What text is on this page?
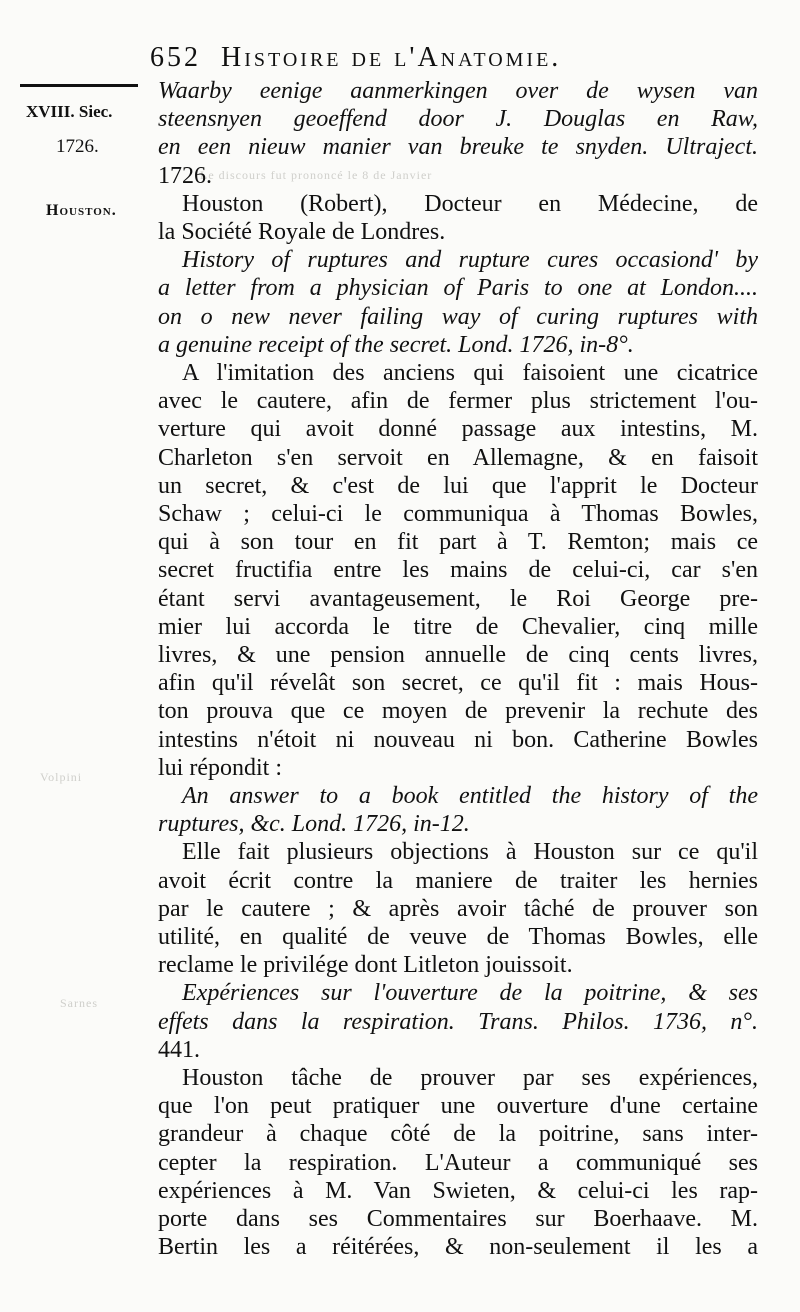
Le discours fut prononcé le 8 de Janvier
Volpini
Sarnes
652 Histoire de l'Anatomie.
XVIII. Siec.
1726.
Houston.
Waarby eenige aanmerkingen over de wysen van
steensnyen geoeffend door J. Douglas en Raw,
en een nieuw manier van breuke te snyden. Ultraject.
1726.
Houston (Robert), Docteur en Médecine, de
la Société Royale de Londres.
History of ruptures and rupture cures occasiond' by
a letter from a physician of Paris to one at London....
on o new never failing way of curing ruptures with
a genuine receipt of the secret. Lond. 1726, in-8°.
A l'imitation des anciens qui faisoient une cicatrice
avec le cautere, afin de fermer plus strictement l'ou-
verture qui avoit donné passage aux intestins, M.
Charleton s'en servoit en Allemagne, & en faisoit
un secret, & c'est de lui que l'apprit le Docteur
Schaw ; celui-ci le communiqua à Thomas Bowles,
qui à son tour en fit part à T. Remton; mais ce
secret fructifia entre les mains de celui-ci, car s'en
étant servi avantageusement, le Roi George pre-
mier lui accorda le titre de Chevalier, cinq mille
livres, & une pension annuelle de cinq cents livres,
afin qu'il révelât son secret, ce qu'il fit : mais Hous-
ton prouva que ce moyen de prevenir la rechute des
intestins n'étoit ni nouveau ni bon. Catherine Bowles
lui répondit :
An answer to a book entitled the history of the
ruptures, &c. Lond. 1726, in-12.
Elle fait plusieurs objections à Houston sur ce qu'il
avoit écrit contre la maniere de traiter les hernies
par le cautere ; & après avoir tâché de prouver son
utilité, en qualité de veuve de Thomas Bowles, elle
reclame le privilége dont Litleton jouissoit.
Expériences sur l'ouverture de la poitrine, & ses
effets dans la respiration. Trans. Philos. 1736, n°.
441.
Houston tâche de prouver par ses expériences,
que l'on peut pratiquer une ouverture d'une certaine
grandeur à chaque côté de la poitrine, sans inter-
cepter la respiration. L'Auteur a communiqué ses
expériences à M. Van Swieten, & celui-ci les rap-
porte dans ses Commentaires sur Boerhaave. M.
Bertin les a réitérées, & non-seulement il les a
